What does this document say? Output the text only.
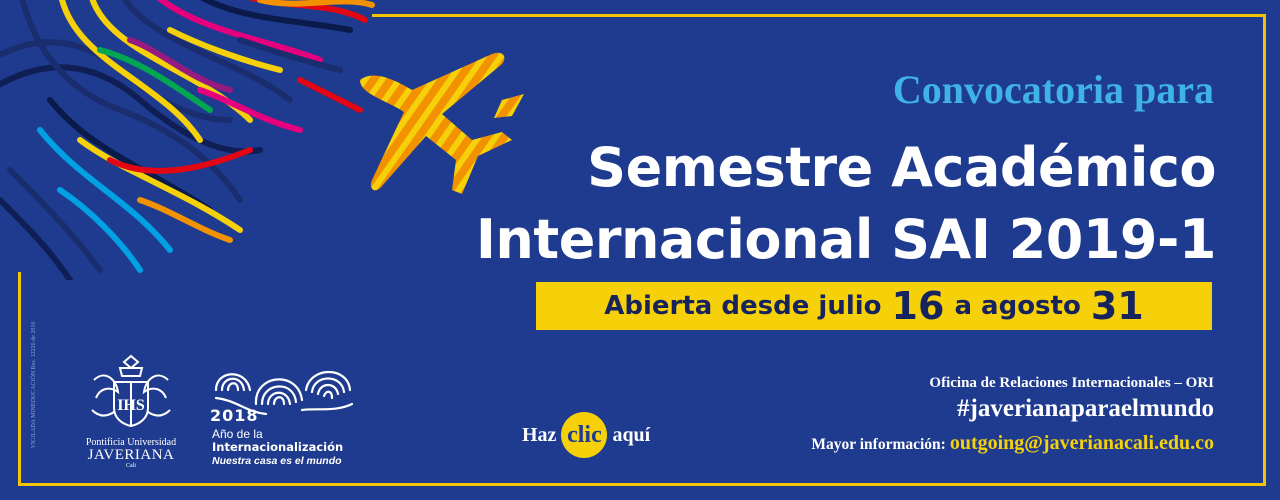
Convocatoria para
Semestre Académico
Internacional SAI 2019-1
Abierta desde julio 16 a agosto 31
VIGILADA MINEDUCACIÓN Res. 12220 de 2016	IHS
Pontificia Universidad
JAVERIANA
Cali
2018
Año de la
Internacionalización
Nuestra casa es el mundo
Haz clic aquí
Oficina de Relaciones Internacionales – ORI
#javerianaparaelmundo
Mayor información: outgoing@javerianacali.edu.co
